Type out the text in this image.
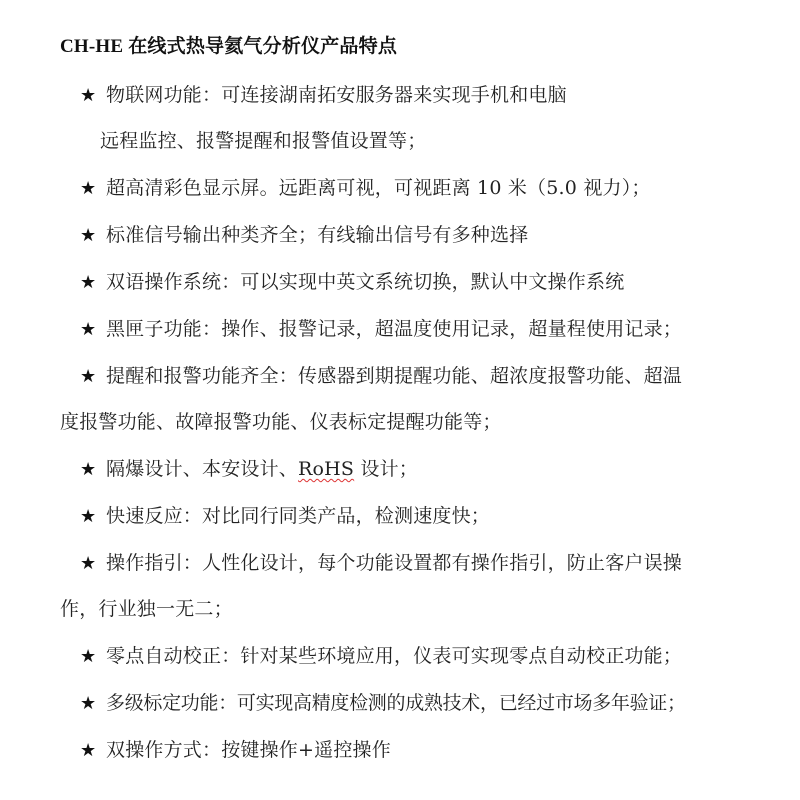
CH-HE 在线式热导氦气分析仪产品特点
★ 物联网功能：可连接湖南拓安服务器来实现手机和电脑
远程监控、报警提醒和报警值设置等；
★ 超高清彩色显示屏。远距离可视，可视距离 10 米（5.0 视力）；
★ 标准信号输出种类齐全；有线输出信号有多种选择
★ 双语操作系统：可以实现中英文系统切换，默认中文操作系统
★ 黑匣子功能：操作、报警记录，超温度使用记录，超量程使用记录；
★ 提醒和报警功能齐全：传感器到期提醒功能、超浓度报警功能、超温
度报警功能、故障报警功能、仪表标定提醒功能等；
★ 隔爆设计、本安设计、RoHS 设计；
★ 快速反应：对比同行同类产品，检测速度快；
★ 操作指引：人性化设计，每个功能设置都有操作指引，防止客户误操
作，行业独一无二；
★ 零点自动校正：针对某些环境应用，仪表可实现零点自动校正功能；
★ 多级标定功能：可实现高精度检测的成熟技术，已经过市场多年验证；
★ 双操作方式：按键操作+遥控操作
